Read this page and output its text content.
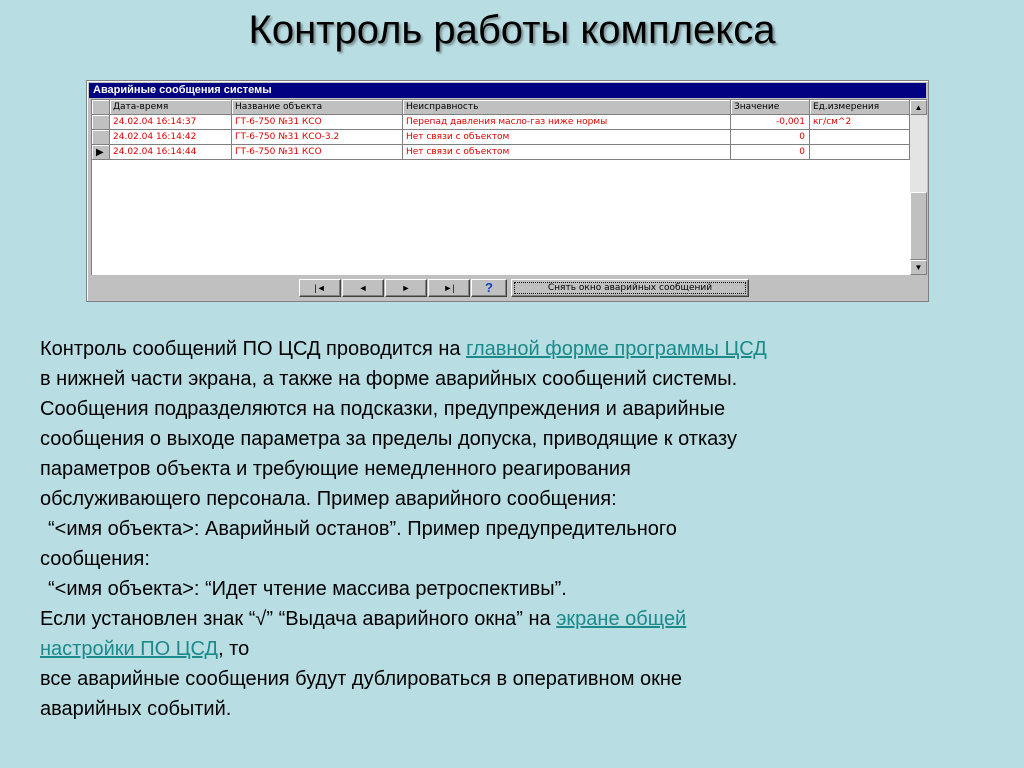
Контроль работы комплекса
Аварийные сообщения системы
Дата-время	Название объекта	Неисправность	Значение	Ед.измерения
24.02.04 16:14:37	ГТ-6-750 №31 КСО	Перепад давления масло-газ ниже нормы	-0,001 кг/см^2
24.02.04 16:14:42	ГТ-6-750 №31 КСО-3.2	Нет связи с объектом	0
▶	24.02.04 16:14:44	ГТ-6-750 №31 КСО	Нет связи с объектом	0
▲
▼
|◄	◄	►	►|	?	Снять окно аварийных сообщений

Контроль сообщений ПО ЦСД проводится на главной форме программы ЦСД

в нижней части экрана, а также на форме аварийных сообщений системы.

Сообщения подразделяются на подсказки, предупреждения и аварийные

сообщения о выходе параметра за пределы допуска, приводящие к отказу

параметров объекта и требующие немедленного реагирования

обслуживающего персонала. Пример аварийного сообщения:

“<имя объекта>: Аварийный останов”. Пример предупредительного

сообщения:

“<имя объекта>: “Идет чтение массива ретроспективы”.

Если установлен знак “√” “Выдача аварийного окна” на экране общей

настройки ПО ЦСД, то

все аварийные сообщения будут дублироваться в оперативном окне

аварийных событий.
